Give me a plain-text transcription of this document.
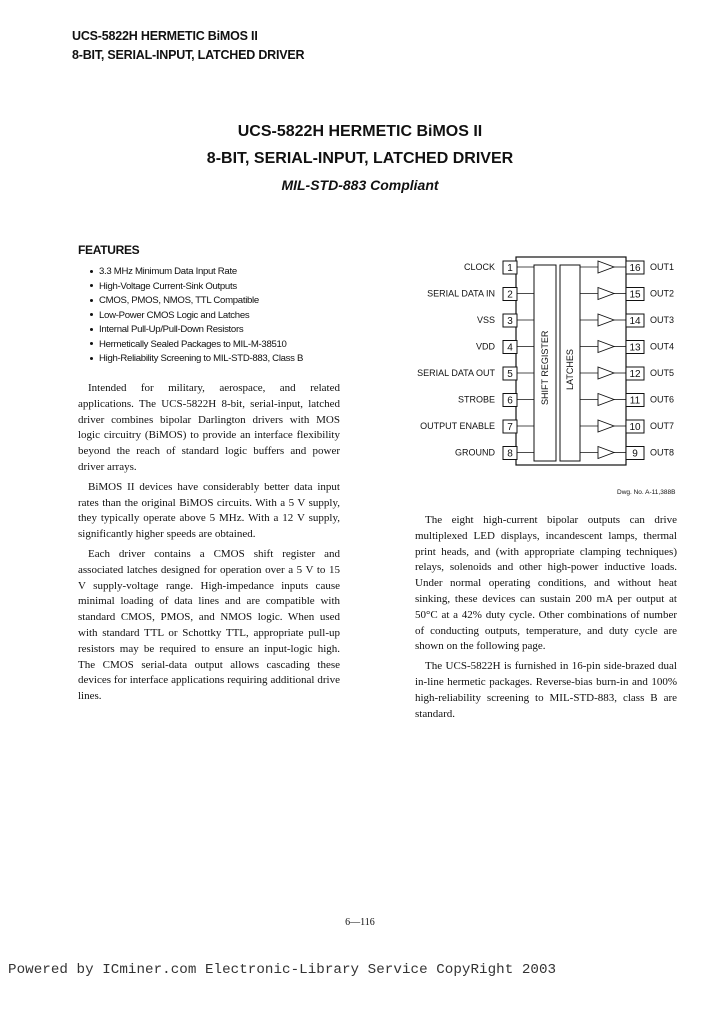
UCS-5822H HERMETIC BiMOS II
8-BIT, SERIAL-INPUT, LATCHED DRIVER
UCS-5822H HERMETIC BiMOS II
8-BIT, SERIAL-INPUT, LATCHED DRIVER
MIL-STD-883 Compliant
FEATURES
3.3 MHz Minimum Data Input Rate
High-Voltage Current-Sink Outputs
CMOS, PMOS, NMOS, TTL Compatible
Low-Power CMOS Logic and Latches
Internal Pull-Up/Pull-Down Resistors
Hermetically Sealed Packages to MIL-M-38510
High-Reliability Screening to MIL-STD-883, Class B

Intended for military, aerospace, and related applications. The UCS-5822H 8-bit, serial-input, latched driver combines bipolar Darlington drivers with MOS logic circuitry (BiMOS) to provide an interface flexibility beyond the reach of standard logic buffers and power driver arrays.

BiMOS II devices have considerably better data input rates than the original BiMOS circuits. With a 5 V supply, they typically operate above 5 MHz. With a 12 V supply, significantly higher speeds are obtained.

Each driver contains a CMOS shift register and associated latches designed for operation over a 5 V to 15 V supply-voltage range. High-impedance inputs cause minimal loading of data lines and are compatible with standard CMOS, PMOS, and NMOS logic. When used with standard TTL or Schottky TTL, appropriate pull-up resistors may be required to ensure an input-logic high. The CMOS serial-data output allows cascading these devices for interface applications requiring additional drive lines.

The eight high-current bipolar outputs can drive multiplexed LED displays, incandescent lamps, thermal print heads, and (with appropriate clamping techniques) relays, solenoids and other high-power inductive loads. Under normal operating conditions, and without heat sinking, these devices can sustain 200 mA per output at 50°C at a 42% duty cycle. Other combinations of number of conducting outputs, temperature, and duty cycle are shown on the following page.

The UCS-5822H is furnished in 16-pin side-brazed dual in-line hermetic packages. Reverse-bias burn-in and 100% high-reliability screening to MIL-STD-883, class B are standard.

SHIFT REGISTER LATCHES
1
CLOCK
2
SERIAL DATA IN
3
VSS
4
VDD
5
SERIAL DATA OUT
6
STROBE
7
OUTPUT ENABLE
8
GROUND
16 OUT1
15 OUT2
14 OUT3
13 OUT4
12 OUT5
11 OUT6
10 OUT7
9 OUT8
Dwg. No. A-11,388B
6—116
Powered by ICminer.com Electronic-Library Service CopyRight 2003
